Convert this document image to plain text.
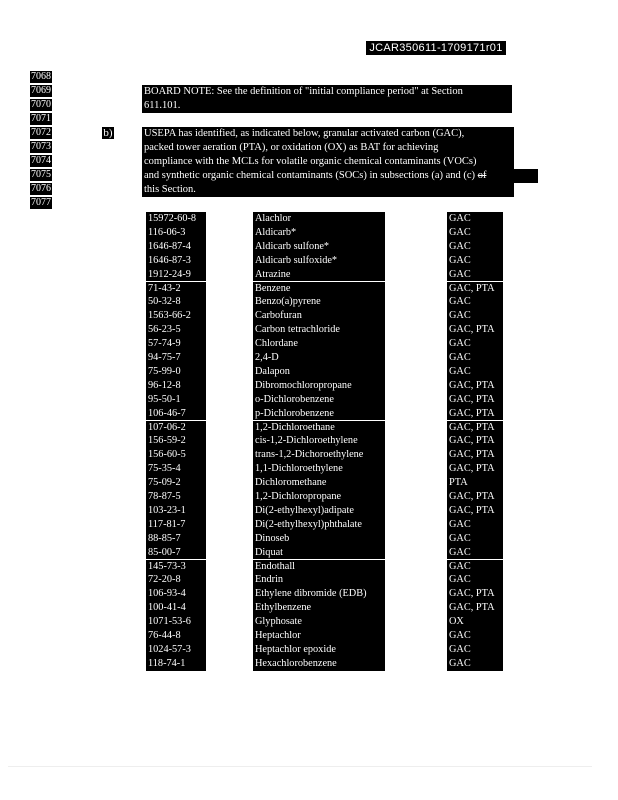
JCAR350611-1709171r01
7068
7069
7070
7071
7072
7073
7074
7075
7076
7077
BOARD NOTE: See the definition of "initial compliance period" at Section
611.101.
b)	USEPA has identified, as indicated below, granular activated carbon (GAC),
packed tower aeration (PTA), or oxidation (OX) as BAT for achieving
compliance with the MCLs for volatile organic chemical contaminants (VOCs)
and synthetic organic chemical contaminants (SOCs) in subsections (a) and (c) of
this Section.
15972-60-8	Alachlor	GAC
116-06-3	Aldicarb*	GAC
1646-87-4	Aldicarb sulfone*	GAC
1646-87-3	Aldicarb sulfoxide*	GAC
1912-24-9	Atrazine	GAC
71-43-2	Benzene	GAC, PTA
50-32-8	Benzo(a)pyrene	GAC
1563-66-2	Carbofuran	GAC
56-23-5	Carbon tetrachloride	GAC, PTA
57-74-9	Chlordane	GAC
94-75-7	2,4-D	GAC
75-99-0	Dalapon	GAC
96-12-8	Dibromochloropropane	GAC, PTA
95-50-1	o-Dichlorobenzene	GAC, PTA
106-46-7	p-Dichlorobenzene	GAC, PTA
107-06-2	1,2-Dichloroethane	GAC, PTA
156-59-2	cis-1,2-Dichloroethylene	GAC, PTA
156-60-5	trans-1,2-Dichoroethylene	GAC, PTA
75-35-4	1,1-Dichloroethylene	GAC, PTA
75-09-2	Dichloromethane	PTA
78-87-5	1,2-Dichloropropane	GAC, PTA
103-23-1	Di(2-ethylhexyl)adipate	GAC, PTA
117-81-7	Di(2-ethylhexyl)phthalate	GAC
88-85-7	Dinoseb	GAC
85-00-7	Diquat	GAC
145-73-3	Endothall	GAC
72-20-8	Endrin	GAC
106-93-4	Ethylene dibromide (EDB)	GAC, PTA
100-41-4	Ethylbenzene	GAC, PTA
1071-53-6	Glyphosate	OX
76-44-8	Heptachlor	GAC
1024-57-3	Heptachlor epoxide	GAC
118-74-1	Hexachlorobenzene	GAC
